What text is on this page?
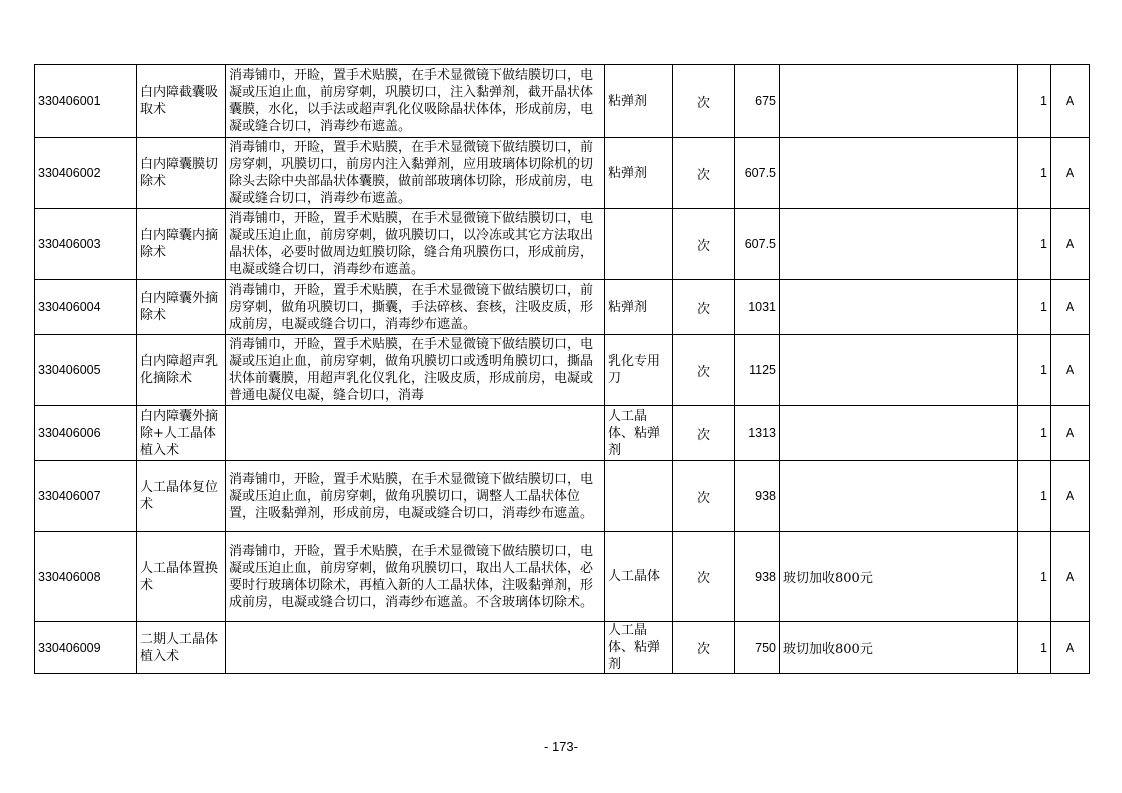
330406001	白内障截囊吸取术	消毒铺巾，开睑，置手术贴膜，在手术显微镜下做结膜切口，电凝或压迫止血，前房穿刺，巩膜切口，注入黏弹剂，截开晶状体囊膜，水化，以手法或超声乳化仪吸除晶状体体，形成前房，电凝或缝合切口，消毒纱布遮盖。	粘弹剂	次	675		1	A
330406002	白内障囊膜切除术	消毒铺巾，开睑，置手术贴膜，在手术显微镜下做结膜切口，前房穿刺，巩膜切口，前房内注入黏弹剂，应用玻璃体切除机的切除头去除中央部晶状体囊膜，做前部玻璃体切除，形成前房，电凝或缝合切口，消毒纱布遮盖。	粘弹剂	次	607.5		1	A
330406003	白内障囊内摘除术	消毒铺巾，开睑，置手术贴膜，在手术显微镜下做结膜切口，电凝或压迫止血，前房穿刺，做巩膜切口，以冷冻或其它方法取出晶状体，必要时做周边虹膜切除，缝合角巩膜伤口，形成前房，电凝或缝合切口，消毒纱布遮盖。		次	607.5		1	A
330406004	白内障囊外摘除术	消毒铺巾，开睑，置手术贴膜，在手术显微镜下做结膜切口，前房穿刺，做角巩膜切口，撕囊，手法碎核、套核，注吸皮质，形成前房，电凝或缝合切口，消毒纱布遮盖。	粘弹剂	次	1031		1	A
330406005	白内障超声乳化摘除术	消毒铺巾，开睑，置手术贴膜，在手术显微镜下做结膜切口，电凝或压迫止血，前房穿刺，做角巩膜切口或透明角膜切口，撕晶状体前囊膜，用超声乳化仪乳化，注吸皮质，形成前房，电凝或普通电凝仪电凝，缝合切口，消毒	乳化专用刀	次	1125		1	A
330406006	白内障囊外摘除+人工晶体植入术		人工晶体、粘弹剂	次	1313		1	A
330406007	人工晶体复位术	消毒铺巾，开睑，置手术贴膜，在手术显微镜下做结膜切口，电凝或压迫止血，前房穿刺，做角巩膜切口，调整人工晶状体位置，注吸黏弹剂，形成前房，电凝或缝合切口，消毒纱布遮盖。		次	938		1	A
330406008	人工晶体置换术	消毒铺巾，开睑，置手术贴膜，在手术显微镜下做结膜切口，电凝或压迫止血，前房穿刺，做角巩膜切口，取出人工晶状体，必要时行玻璃体切除术，再植入新的人工晶状体，注吸黏弹剂，形成前房，电凝或缝合切口，消毒纱布遮盖。不含玻璃体切除术。	人工晶体	次	938	玻切加收800元	1	A
330406009	二期人工晶体植入术		人工晶体、粘弹剂	次	750	玻切加收800元	1	A
- 173-
